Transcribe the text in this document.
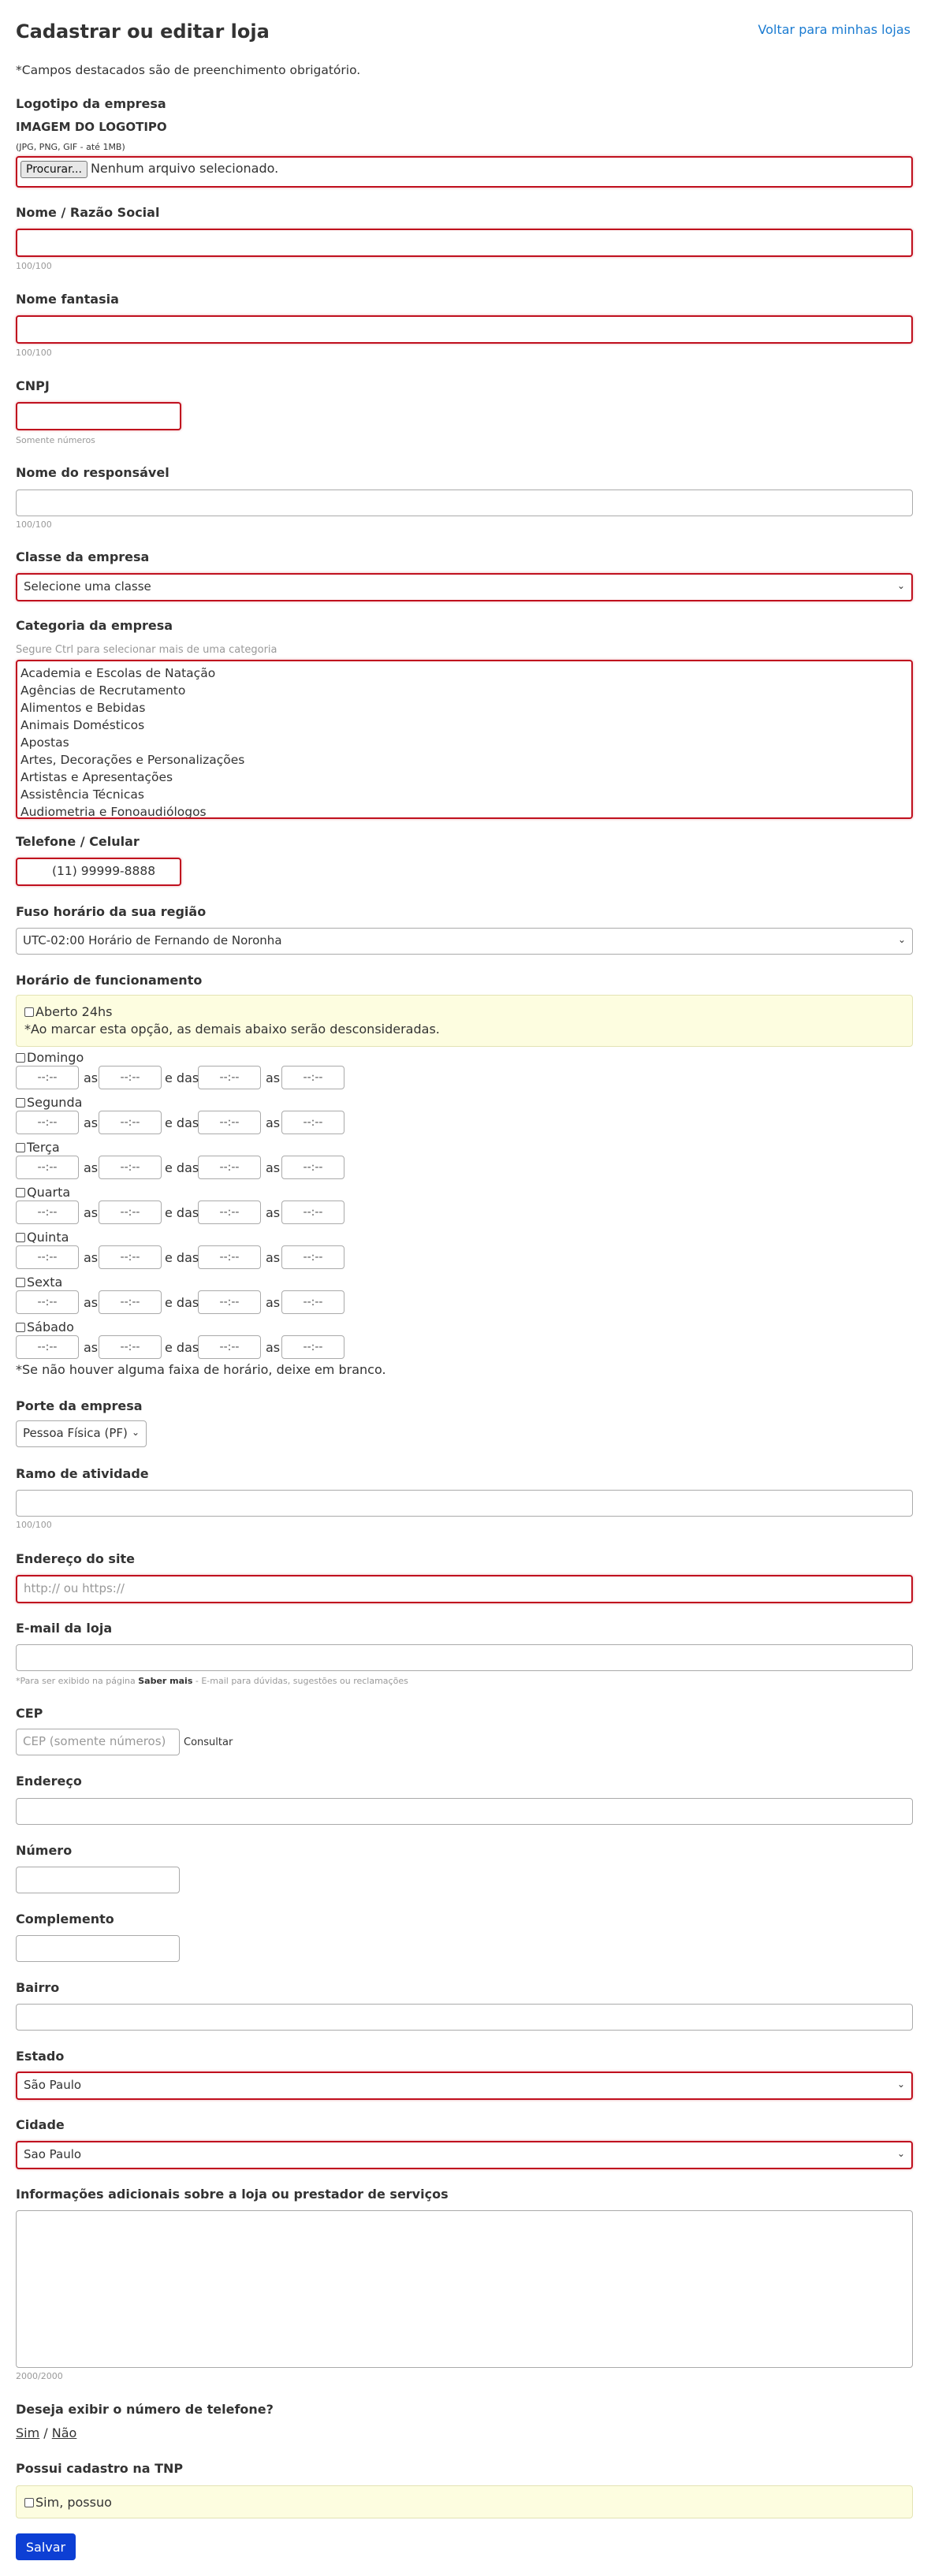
Cadastrar ou editar loja	Voltar para minhas lojas
*Campos destacados são de preenchimento obrigatório.
Logotipo da empresa
IMAGEM DO LOGOTIPO
(JPG, PNG, GIF - até 1MB)
Procurar... Nenhum arquivo selecionado.
Nome / Razão Social
100/100
Nome fantasia
100/100
CNPJ
Somente números
Nome do responsável
100/100
Classe da empresa
Selecione uma classe	⌄
Categoria da empresa
Segure Ctrl para selecionar mais de uma categoria
Academia e Escolas de Natação
Agências de Recrutamento
Alimentos e Bebidas
Animais Domésticos
Apostas
Artes, Decorações e Personalizações
Artistas e Apresentações
Assistência Técnicas
Audiometria e Fonoaudiólogos
Telefone / Celular
(11) 99999-8888
Fuso horário da sua região
UTC-02:00 Horário de Fernando de Noronha	⌄
Horário de funcionamento
Aberto 24hs
*Ao marcar esta opção, as demais abaixo serão desconsideradas.
Domingo
--:--	--:--	--:--	--:--
as	e das	as
Segunda
--:--	--:--	--:--	--:--
as	e das	as
Terça
--:--	--:--	--:--	--:--
as	e das	as
Quarta
--:--	--:--	--:--	--:--
as	e das	as
Quinta
--:--	--:--	--:--	--:--
as	e das	as
Sexta
--:--	--:--	--:--	--:--
as	e das	as
Sábado
--:--	--:--	--:--	--:--
as	e das	as
*Se não houver alguma faixa de horário, deixe em branco.
Porte da empresa
Pessoa Física (PF) ⌄
Ramo de atividade
100/100
Endereço do site
http:// ou https://
E-mail da loja
*Para ser exibido na página Saber mais - E-mail para dúvidas, sugestões ou reclamações
CEP
CEP (somente números)	Consultar
Endereço
Número
Complemento
Bairro
Estado
São Paulo	⌄
Cidade
Sao Paulo	⌄
Informações adicionais sobre a loja ou prestador de serviços
2000/2000
Deseja exibir o número de telefone?
Sim / Não
Possui cadastro na TNP
Sim, possuo
Salvar
